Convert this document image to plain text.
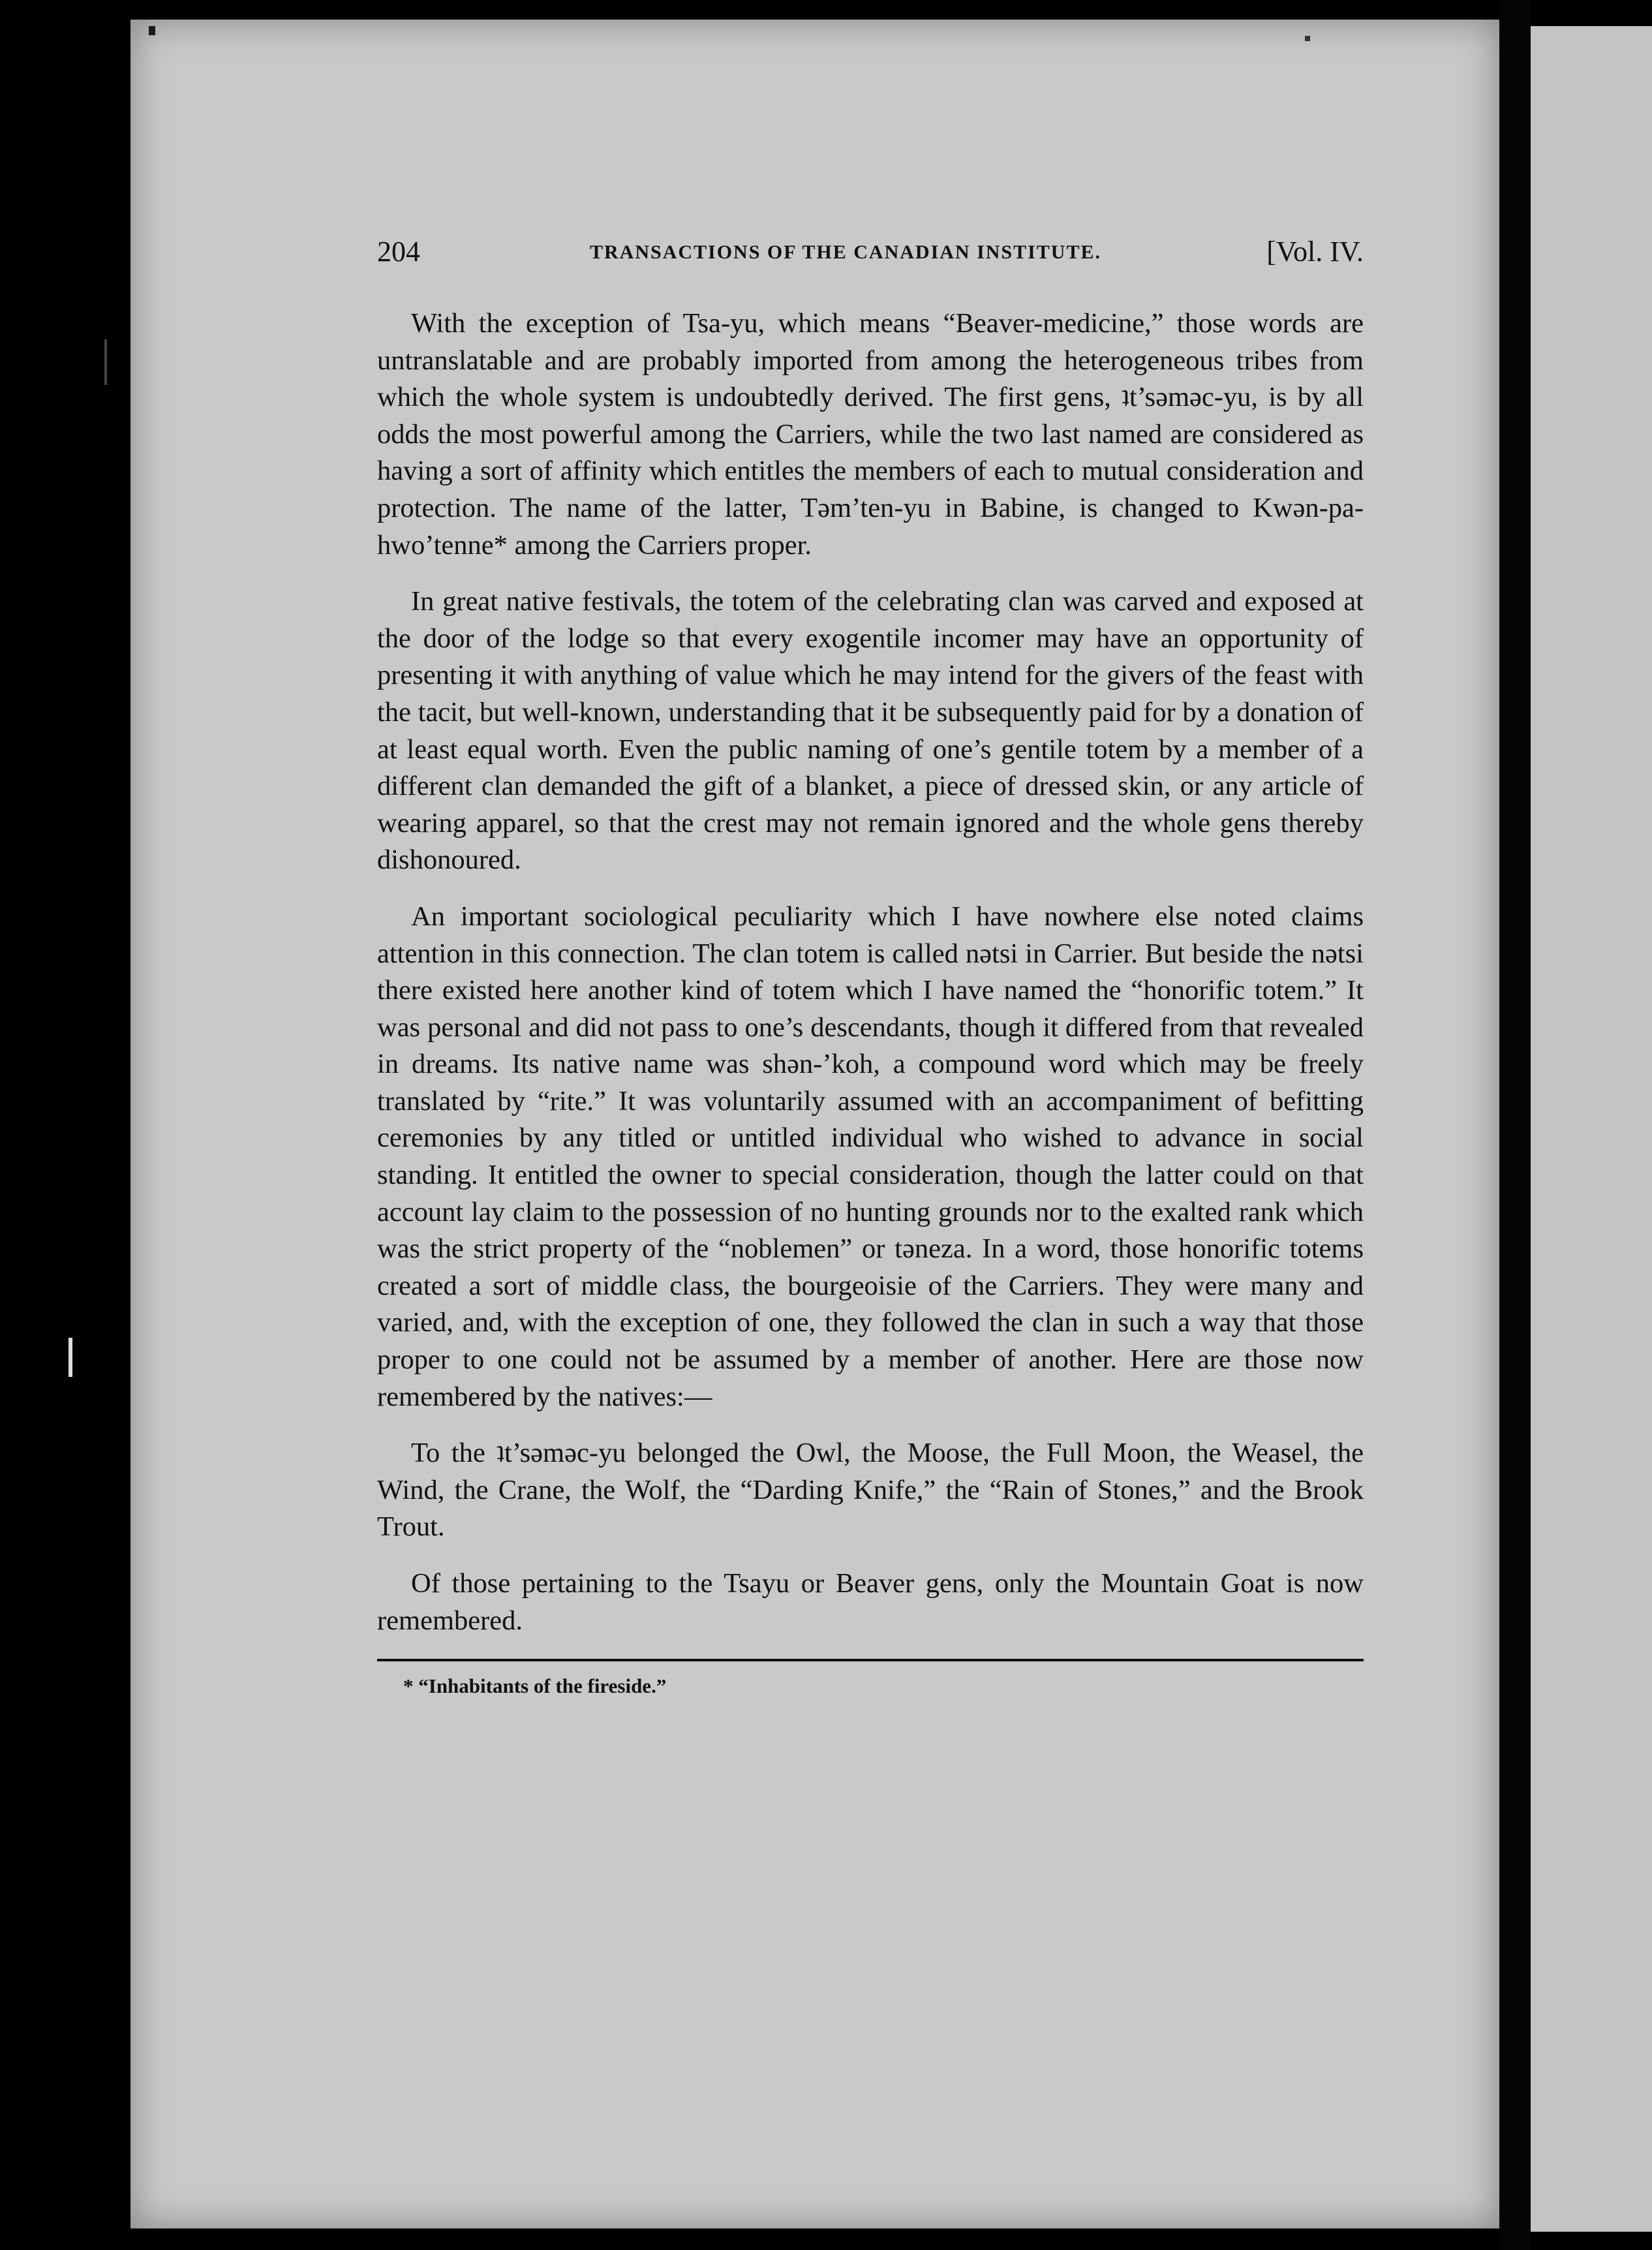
204	TRANSACTIONS OF THE CANADIAN INSTITUTE.	[Vol. IV.

With the exception of Tsa-yu, which means “Beaver-medicine,” those words are untranslatable and are probably imported from among the heterogeneous tribes from which the whole system is undoubtedly derived. The first gens, ʇt’səməc-yu, is by all odds the most powerful among the Carriers, while the two last named are considered as having a sort of affinity which entitles the members of each to mutual consideration and protection. The name of the latter, Təm’ten-yu in Babine, is changed to Kwən-pa-hwo’tenne* among the Carriers proper.

In great native festivals, the totem of the celebrating clan was carved and exposed at the door of the lodge so that every exogentile incomer may have an opportunity of presenting it with anything of value which he may intend for the givers of the feast with the tacit, but well-known, understanding that it be subsequently paid for by a donation of at least equal worth. Even the public naming of one’s gentile totem by a member of a different clan demanded the gift of a blanket, a piece of dressed skin, or any article of wearing apparel, so that the crest may not remain ignored and the whole gens thereby dishonoured.

An important sociological peculiarity which I have nowhere else noted claims attention in this connection. The clan totem is called nətsi in Carrier. But beside the nətsi there existed here another kind of totem which I have named the “honorific totem.” It was personal and did not pass to one’s descendants, though it differed from that revealed in dreams. Its native name was shən-’koh, a compound word which may be freely translated by “rite.” It was voluntarily assumed with an accompaniment of befitting ceremonies by any titled or untitled individual who wished to advance in social standing. It entitled the owner to special consideration, though the latter could on that account lay claim to the possession of no hunting grounds nor to the exalted rank which was the strict property of the “noblemen” or təneza. In a word, those honorific totems created a sort of middle class, the bourgeoisie of the Carriers. They were many and varied, and, with the exception of one, they followed the clan in such a way that those proper to one could not be assumed by a member of another. Here are those now remembered by the natives:—

To the ʇt’səməc-yu belonged the Owl, the Moose, the Full Moon, the Weasel, the Wind, the Crane, the Wolf, the “Darding Knife,” the “Rain of Stones,” and the Brook Trout.

Of those pertaining to the Tsayu or Beaver gens, only the Mountain Goat is now remembered.

* “Inhabitants of the fireside.”
